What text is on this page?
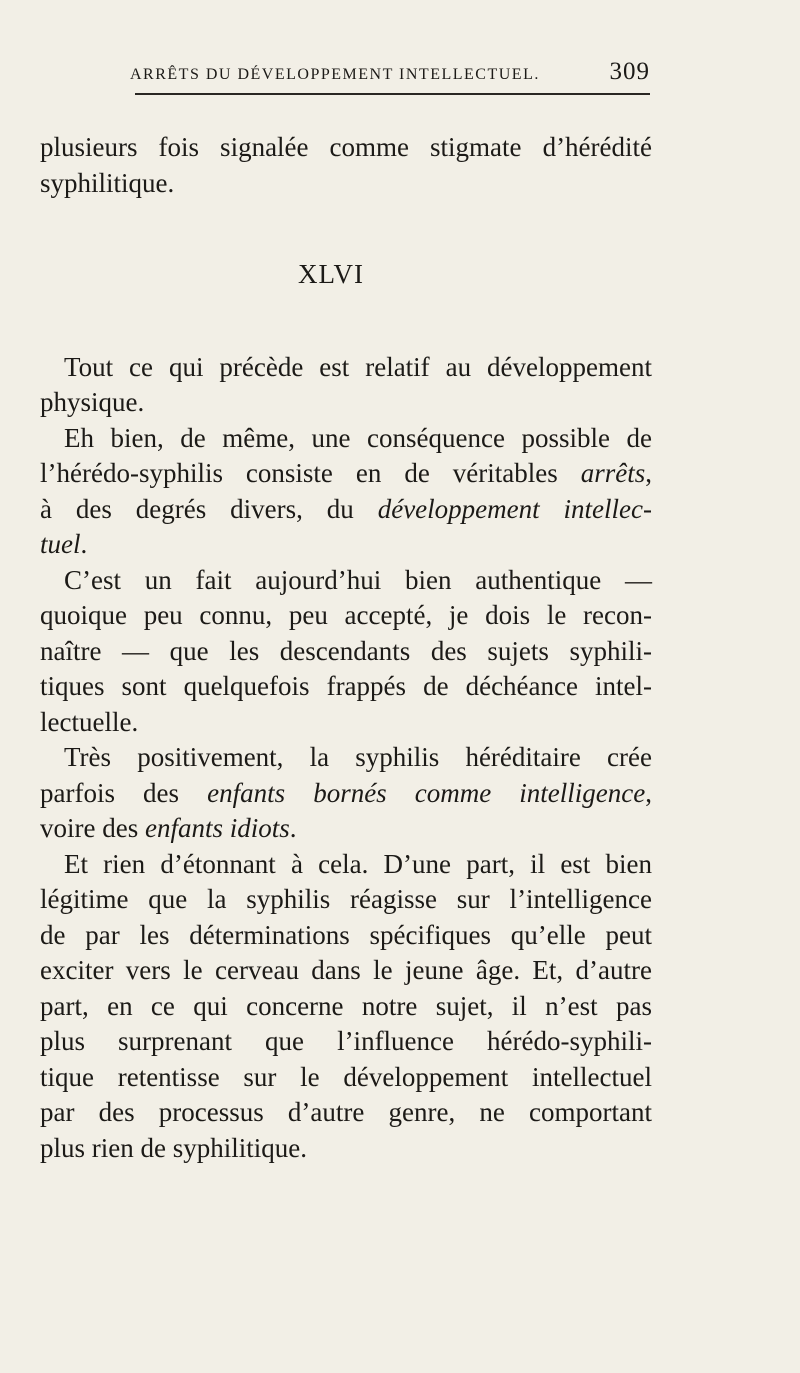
ARRÊTS DU DÉVELOPPEMENT INTELLECTUEL.	309
plusieurs fois signalée comme stigmate d’hérédité
syphilitique.
XLVI
Tout ce qui précède est relatif au développement
physique.
Eh bien, de même, une conséquence possible de
l’hérédo-syphilis consiste en de véritables arrêts,
à des degrés divers, du développement intellec-
tuel.
C’est un fait aujourd’hui bien authentique —
quoique peu connu, peu accepté, je dois le recon-
naître — que les descendants des sujets syphili-
tiques sont quelquefois frappés de déchéance intel-
lectuelle.
Très positivement, la syphilis héréditaire crée
parfois des enfants bornés comme intelligence,
voire des enfants idiots.
Et rien d’étonnant à cela. D’une part, il est bien
légitime que la syphilis réagisse sur l’intelligence
de par les déterminations spécifiques qu’elle peut
exciter vers le cerveau dans le jeune âge. Et, d’autre
part, en ce qui concerne notre sujet, il n’est pas
plus surprenant que l’influence hérédo-syphili-
tique retentisse sur le développement intellectuel
par des processus d’autre genre, ne comportant
plus rien de syphilitique.
